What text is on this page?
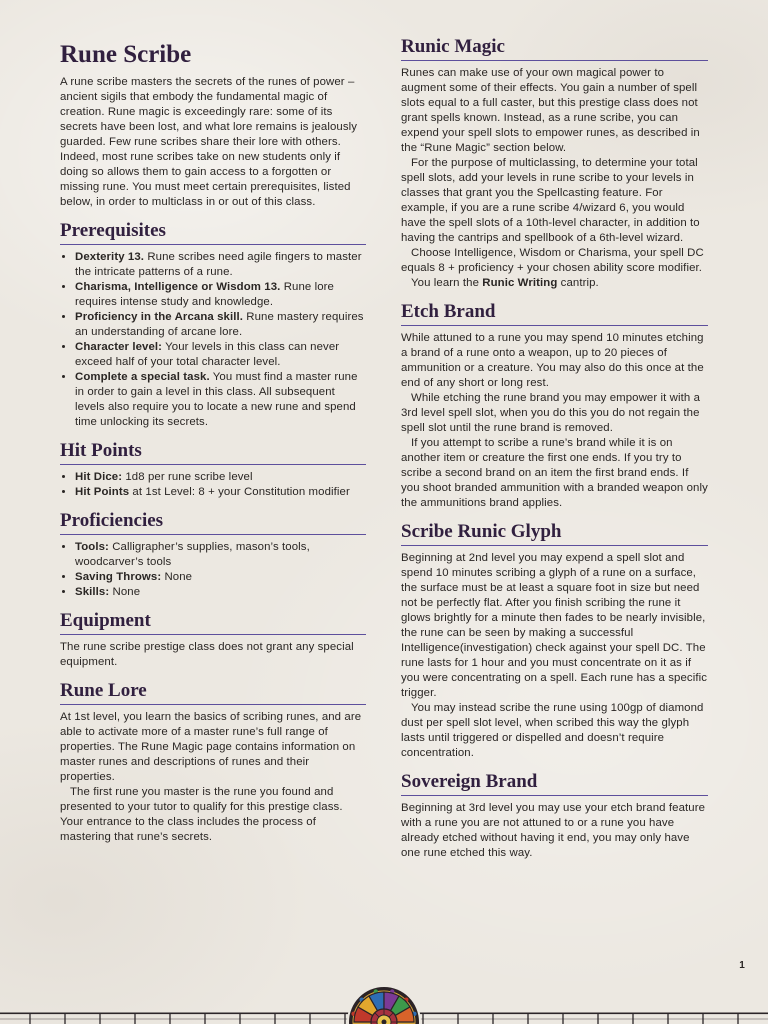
Rune Scribe

A rune scribe masters the secrets of the runes of power – ancient sigils that embody the fundamental magic of creation. Rune magic is exceedingly rare: some of its secrets have been lost, and what lore remains is jealously guarded. Few rune scribes share their lore with others. Indeed, most rune scribes take on new students only if doing so allows them to gain access to a forgotten or missing rune. You must meet certain prerequisites, listed below, in order to multiclass in or out of this class.

Prerequisites
• Dexterity 13. Rune scribes need agile fingers to master the intricate patterns of a rune.
• Charisma, Intelligence or Wisdom 13. Rune lore requires intense study and knowledge.
• Proficiency in the Arcana skill. Rune mastery requires an understanding of arcane lore.
• Character level: Your levels in this class can never exceed half of your total character level.
• Complete a special task. You must find a master rune in order to gain a level in this class. All subsequent levels also require you to locate a new rune and spend time unlocking its secrets.
Hit Points
• Hit Dice: 1d8 per rune scribe level
• Hit Points at 1st Level: 8 + your Constitution modifier
Proficiencies
• Tools: Calligrapher’s supplies, mason’s tools, woodcarver’s tools
• Saving Throws: None
• Skills: None
Equipment

The rune scribe prestige class does not grant any special equipment.

Rune Lore

At 1st level, you learn the basics of scribing runes, and are able to activate more of a master rune’s full range of properties. The Rune Magic page contains information on master runes and descriptions of runes and their properties.

The first rune you master is the rune you found and presented to your tutor to qualify for this prestige class. Your entrance to the class includes the process of mastering that rune’s secrets.

Runic Magic

Runes can make use of your own magical power to augment some of their effects. You gain a number of spell slots equal to a full caster, but this prestige class does not grant spells known. Instead, as a rune scribe, you can expend your spell slots to empower runes, as described in the “Rune Magic” section below.

For the purpose of multiclassing, to determine your total spell slots, add your levels in rune scribe to your levels in classes that grant you the Spellcasting feature. For example, if you are a rune scribe 4/wizard 6, you would have the spell slots of a 10th-level character, in addition to having the cantrips and spellbook of a 6th-level wizard.

Choose Intelligence, Wisdom or Charisma, your spell DC equals 8 + proficiency + your chosen ability score modifier.

You learn the Runic Writing cantrip.

Etch Brand

While attuned to a rune you may spend 10 minutes etching a brand of a rune onto a weapon, up to 20 pieces of ammunition or a creature. You may also do this once at the end of any short or long rest.

While etching the rune brand you may empower it with a 3rd level spell slot, when you do this you do not regain the spell slot until the rune brand is removed.

If you attempt to scribe a rune’s brand while it is on another item or creature the first one ends. If you try to scribe a second brand on an item the first brand ends. If you shoot branded ammunition with a branded weapon only the ammunitions brand applies.

Scribe Runic Glyph

Beginning at 2nd level you may expend a spell slot and spend 10 minutes scribing a glyph of a rune on a surface, the surface must be at least a square foot in size but need not be perfectly flat. After you finish scribing the rune it glows brightly for a minute then fades to be nearly invisible, the rune can be seen by making a successful Intelligence(investigation) check against your spell DC. The rune lasts for 1 hour and you must concentrate on it as if you were concentrating on a spell. Each rune has a specific trigger.

You may instead scribe the rune using 100gp of diamond dust per spell slot level, when scribed this way the glyph lasts until triggered or dispelled and doesn’t require concentration.

Sovereign Brand

Beginning at 3rd level you may use your etch brand feature with a rune you are not attuned to or a rune you have already etched without having it end, you may only have one rune etched this way.

1
